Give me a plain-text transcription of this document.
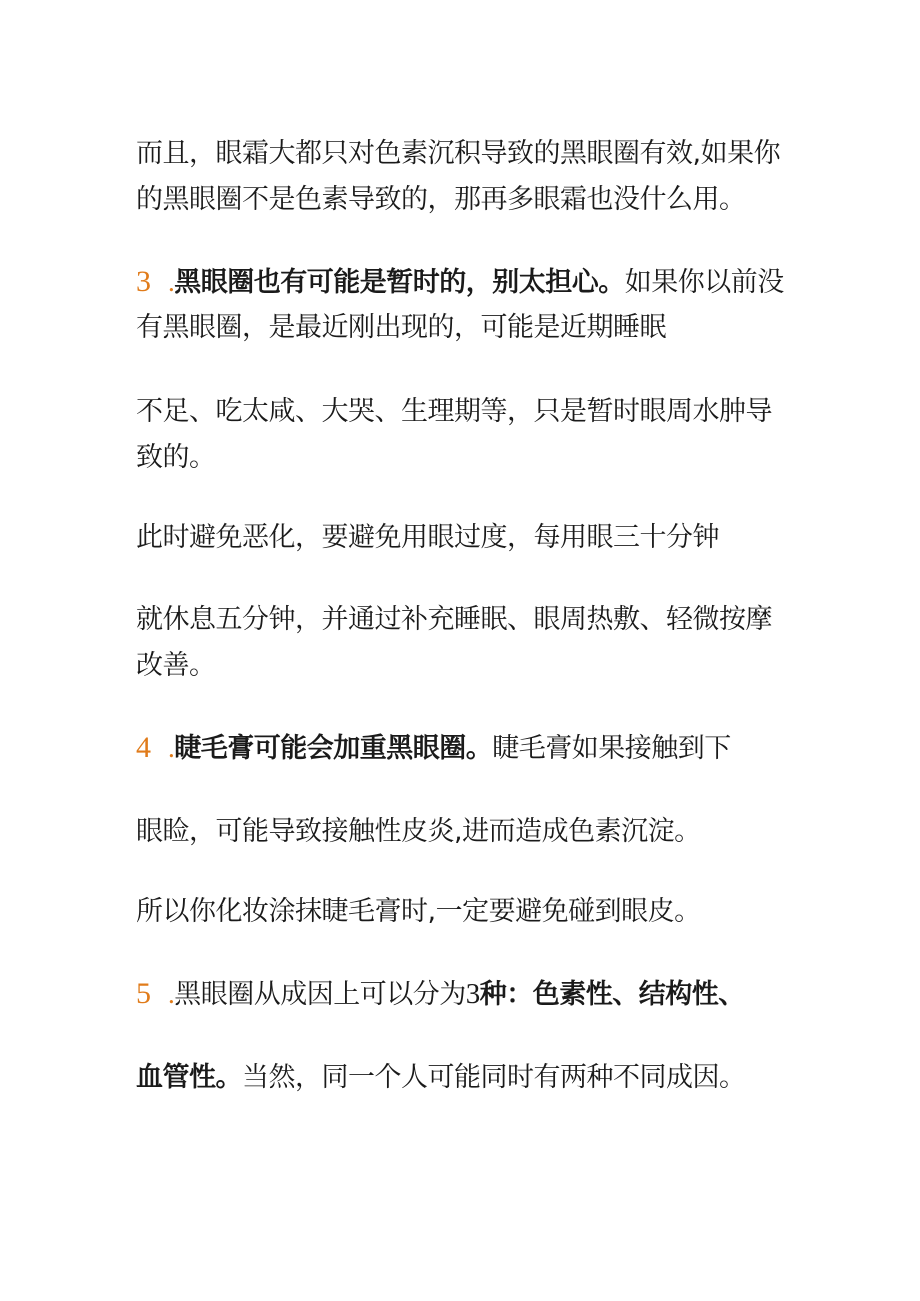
而且，眼霜大都只对色素沉积导致的黑眼圈有效,如果你
的黑眼圈不是色素导致的，那再多眼霜也没什么用。
3 .黑眼圈也有可能是暂时的，别太担心。如果你以前没
有黑眼圈，是最近刚出现的，可能是近期睡眠
不足、吃太咸、大哭、生理期等，只是暂时眼周水肿导
致的。
此时避免恶化，要避免用眼过度，每用眼三十分钟
就休息五分钟，并通过补充睡眠、眼周热敷、轻微按摩
改善。
4 .睫毛膏可能会加重黑眼圈。睫毛膏如果接触到下
眼睑，可能导致接触性皮炎,进而造成色素沉淀。
所以你化妆涂抹睫毛膏时,一定要避免碰到眼皮。
5 .黑眼圈从成因上可以分为3种：色素性、结构性、
血管性。当然，同一个人可能同时有两种不同成因。
